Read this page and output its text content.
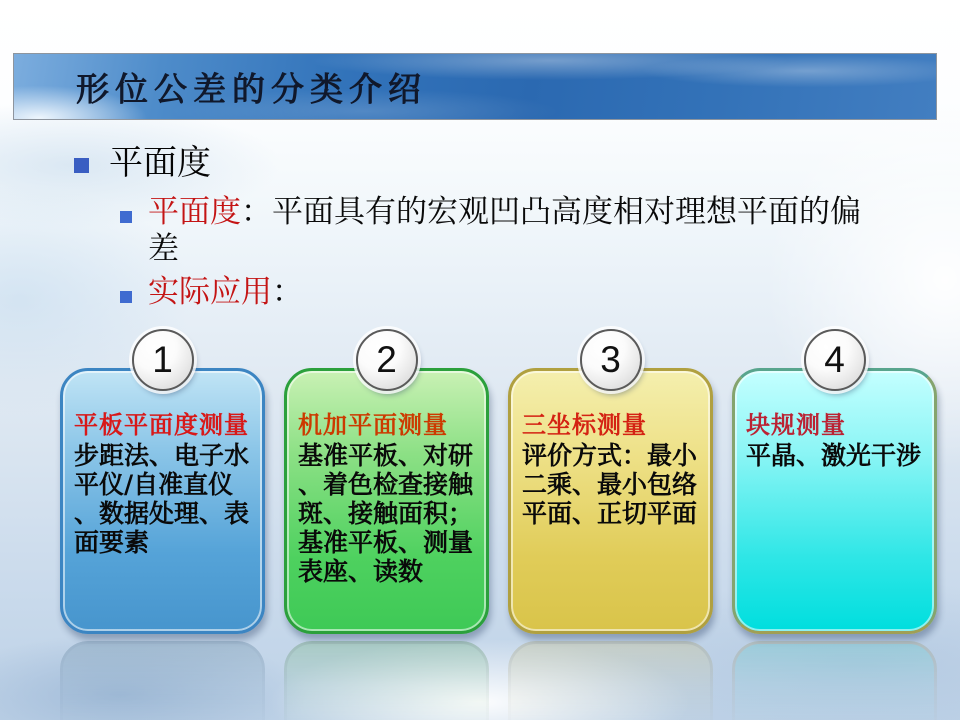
形位公差的分类介绍
平面度

平面度：平面具有的宏观凹凸高度相对理想平面的偏差

实际应用：

1
平板平面度测量
步距法、电子水平仪/自准直仪、数据处理、表面要素
2
机加平面测量
基准平板、对研、着色检查接触斑、接触面积；基准平板、测量表座、读数
3
三坐标测量
评价方式：最小二乘、最小包络平面、正切平面
4
块规测量
平晶、激光干涉
